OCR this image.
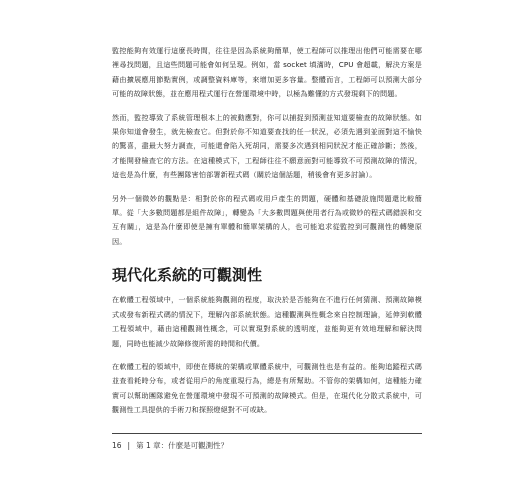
監控能夠有效運行這麼長時間，往往是因為系統夠簡單，使工程師可以推理出他們可能需要在哪裡尋找問題，且這些問題可能會如何呈現。例如，當 socket 填滿時，CPU 會超載，解決方案是藉由擴展應用節點實例，或調整資料庫等，來增加更多容量。整體而言，工程師可以預測大部分可能的故障狀態，並在應用程式運行在營運環境中時，以極為難懂的方式發現剩下的問題。

然而，監控導致了系統管理根本上的被動應對，你可以捕捉到預測並知道要檢查的故障狀態。如果你知道會發生，就先檢查它。但對於你不知道要查找的任一狀況，必須先遇到並面對這不愉快的驚喜，盡最大努力調查，可能還會陷入死胡同，需要多次遇到相同狀況才能正確診斷；然後，才能開發檢查它的方法。在這種模式下，工程師往往不願意面對可能導致不可預測故障的情況，這也是為什麼，有些團隊害怕部署新程式碼（關於這個話題，稍後會有更多討論）。

另外一個微妙的觀點是：相對於你的程式碼或用戶產生的問題，硬體和基礎設施問題還比較簡單。從「大多數問題都是組件故障」，轉變為「大多數問題與使用者行為或微妙的程式碼錯誤和交互有關」，這是為什麼即使是擁有單體和簡單架構的人，也可能追求從監控到可觀測性的轉變原因。

現代化系統的可觀測性

在軟體工程領域中，一個系統能夠觀測的程度，取決於是否能夠在不進行任何猜測、預測故障模式或發布新程式碼的情況下，理解內部系統狀態。這種觀測與性概念來自控制理論，延伸到軟體工程領域中，藉由這種觀測性概念，可以實現對系統的透明度，並能夠更有效地理解和解決問題，同時也能減少故障修復所需的時間和代價。

在軟體工程的領域中，即使在傳統的架構或單體系統中，可觀測性也是有益的。能夠追蹤程式碼並查看耗時分布，或者從用戶的角度重現行為，總是有所幫助。不管你的架構如何，這種能力確實可以幫助團隊避免在營運環境中發現不可預測的故障模式。但是，在現代化分散式系統中，可觀測性工具提供的手術刀和探照燈絕對不可或缺。

16 | 第 1 章：什麼是可觀測性？
